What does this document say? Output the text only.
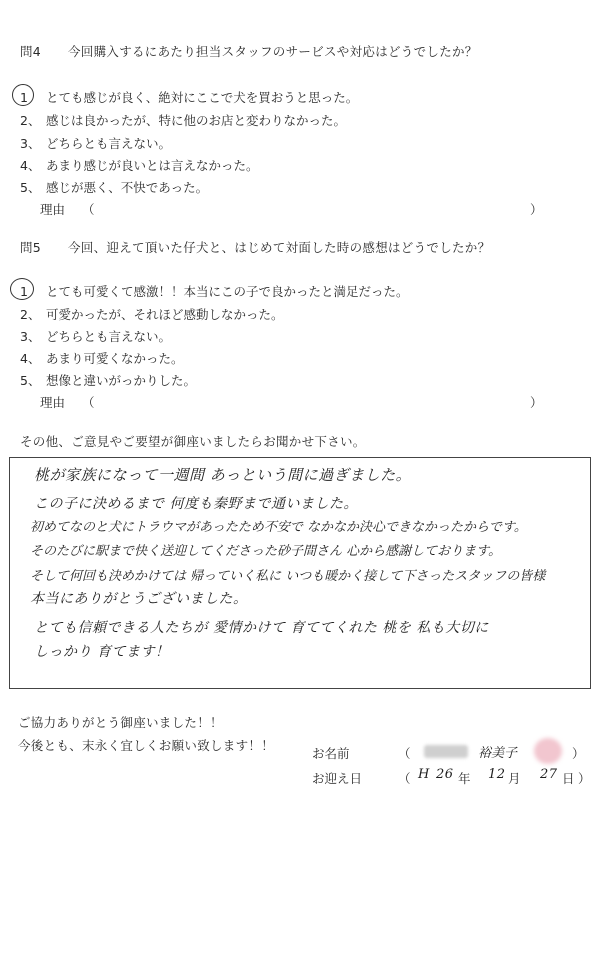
問4 今回購入するにあたり担当スタッフのサービスや対応はどうでしたか？
1 とても感じが良く、絶対にここで犬を買おうと思った。
2、 感じは良かったが、特に他のお店と変わりなかった。
3、 どちらとも言えない。
4、 あまり感じが良いとは言えなかった。
5、 感じが悪く、不快であった。
理由 （	）
問5 今回、迎えて頂いた仔犬と、はじめて対面した時の感想はどうでしたか？
1 とても可愛くて感激！！本当にこの子で良かったと満足だった。
2、 可愛かったが、それほど感動しなかった。
3、 どちらとも言えない。
4、 あまり可愛くなかった。
5、 想像と違いがっかりした。
理由 （	）
その他、ご意見やご要望が御座いましたらお聞かせ下さい。
桃が家族になって一週間 あっという間に過ぎました。
この子に決めるまで 何度も秦野まで通いました。
初めてなのと犬にトラウマがあったため不安で なかなか決心できなかったからです。
そのたびに駅まで快く送迎してくださった砂子間さん 心から感謝しております。
そして何回も決めかけては 帰っていく私に いつも暖かく接して下さったスタッフの皆様
本当にありがとうございました。
とても信頼できる人たちが 愛情かけて 育ててくれた 桃を 私も大切に
しっかり 育てます！
ご協力ありがとう御座いました！！
今後とも、末永く宜しくお願い致します！！
お名前	（	裕美子	）
お迎え日	（ H 26 年 12 月 27 日 ）
